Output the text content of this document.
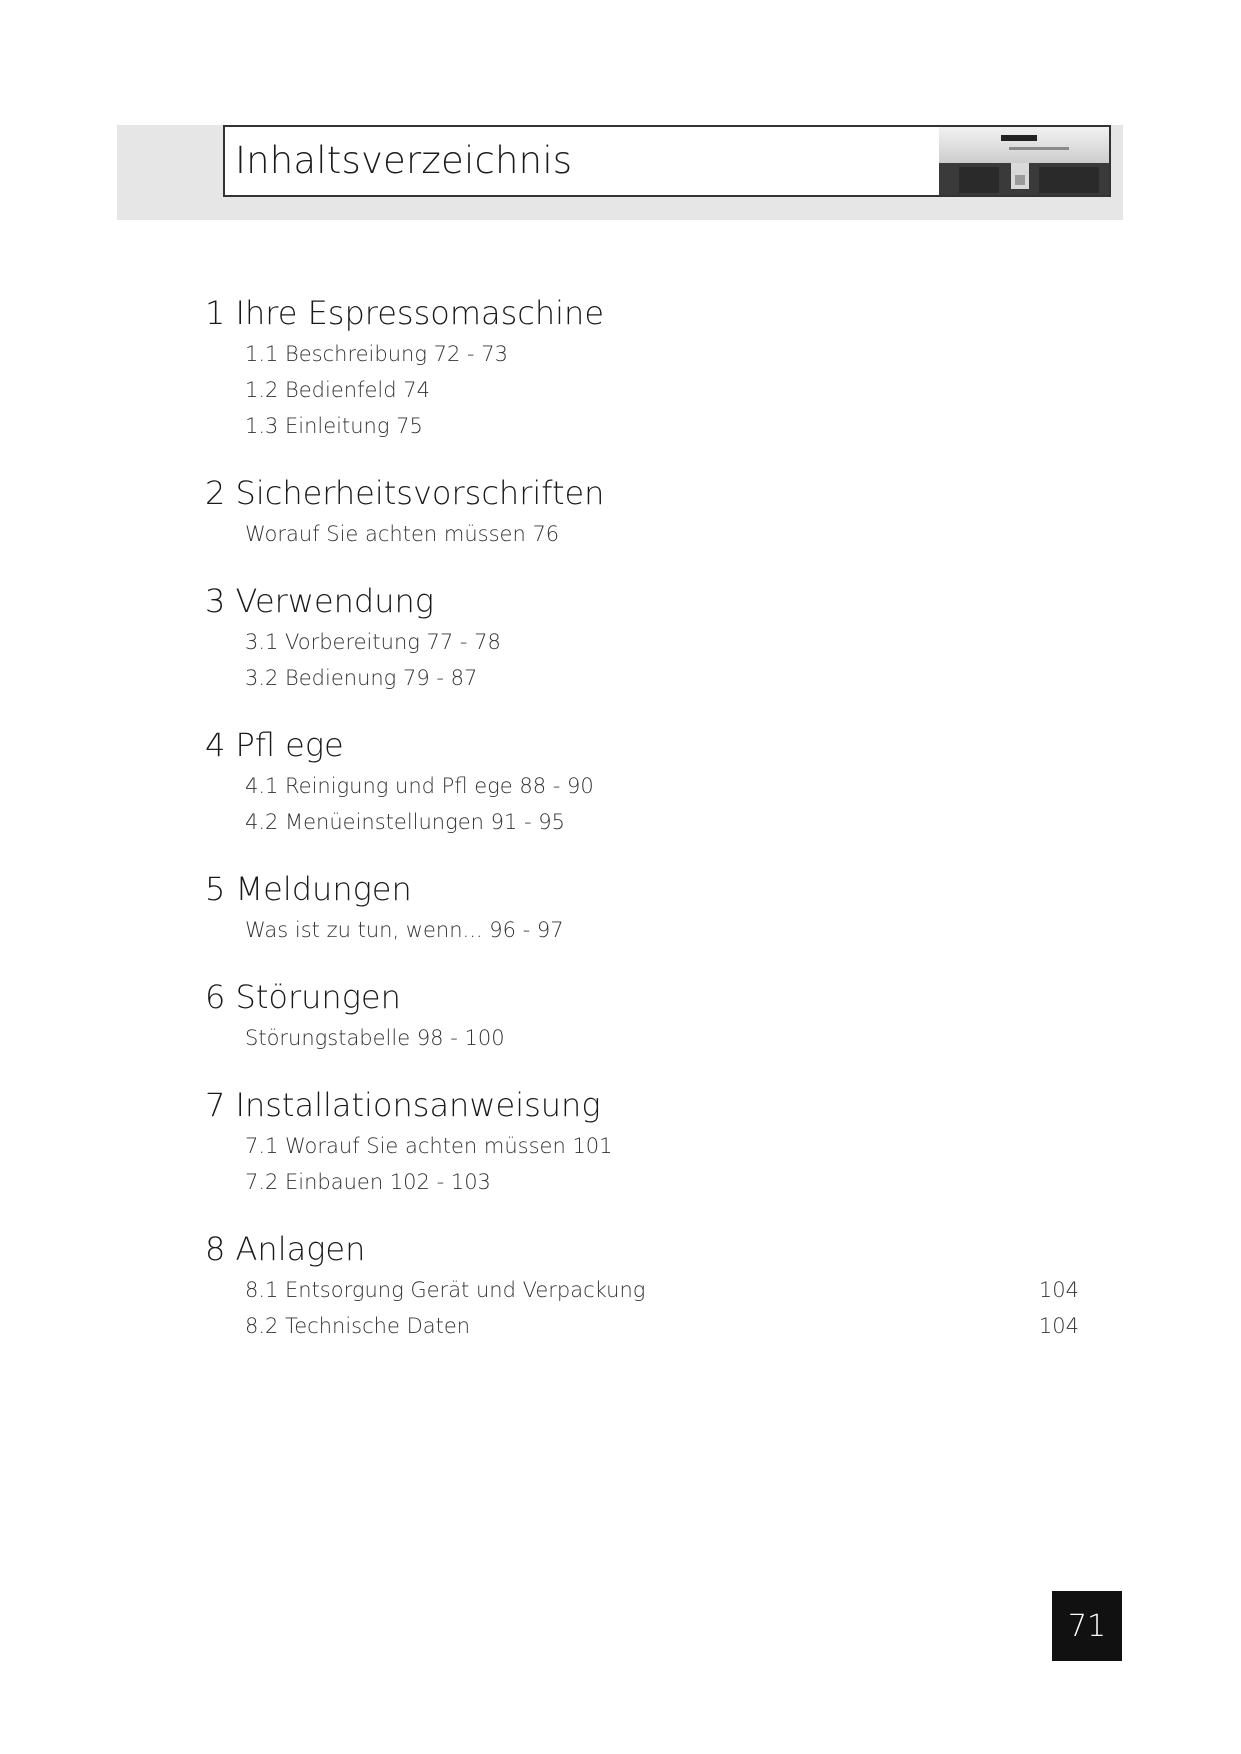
Inhaltsverzeichnis
1 Ihre Espressomaschine
1.1 Beschreibung 72 - 73
1.2 Bedienfeld 74
1.3 Einleitung 75
2 Sicherheitsvorschriften
Worauf Sie achten müssen 76
3 Verwendung
3.1 Vorbereitung 77 - 78
3.2 Bedienung 79 - 87
4 Pfl ege
4.1 Reinigung und Pfl ege 88 - 90
4.2 Menüeinstellungen 91 - 95
5 Meldungen
Was ist zu tun, wenn... 96 - 97
6 Störungen
Störungstabelle 98 - 100
7 Installationsanweisung
7.1 Worauf Sie achten müssen 101
7.2 Einbauen 102 - 103
8 Anlagen
8.1 Entsorgung Gerät und Verpackung	104
8.2 Technische Daten	104
71
